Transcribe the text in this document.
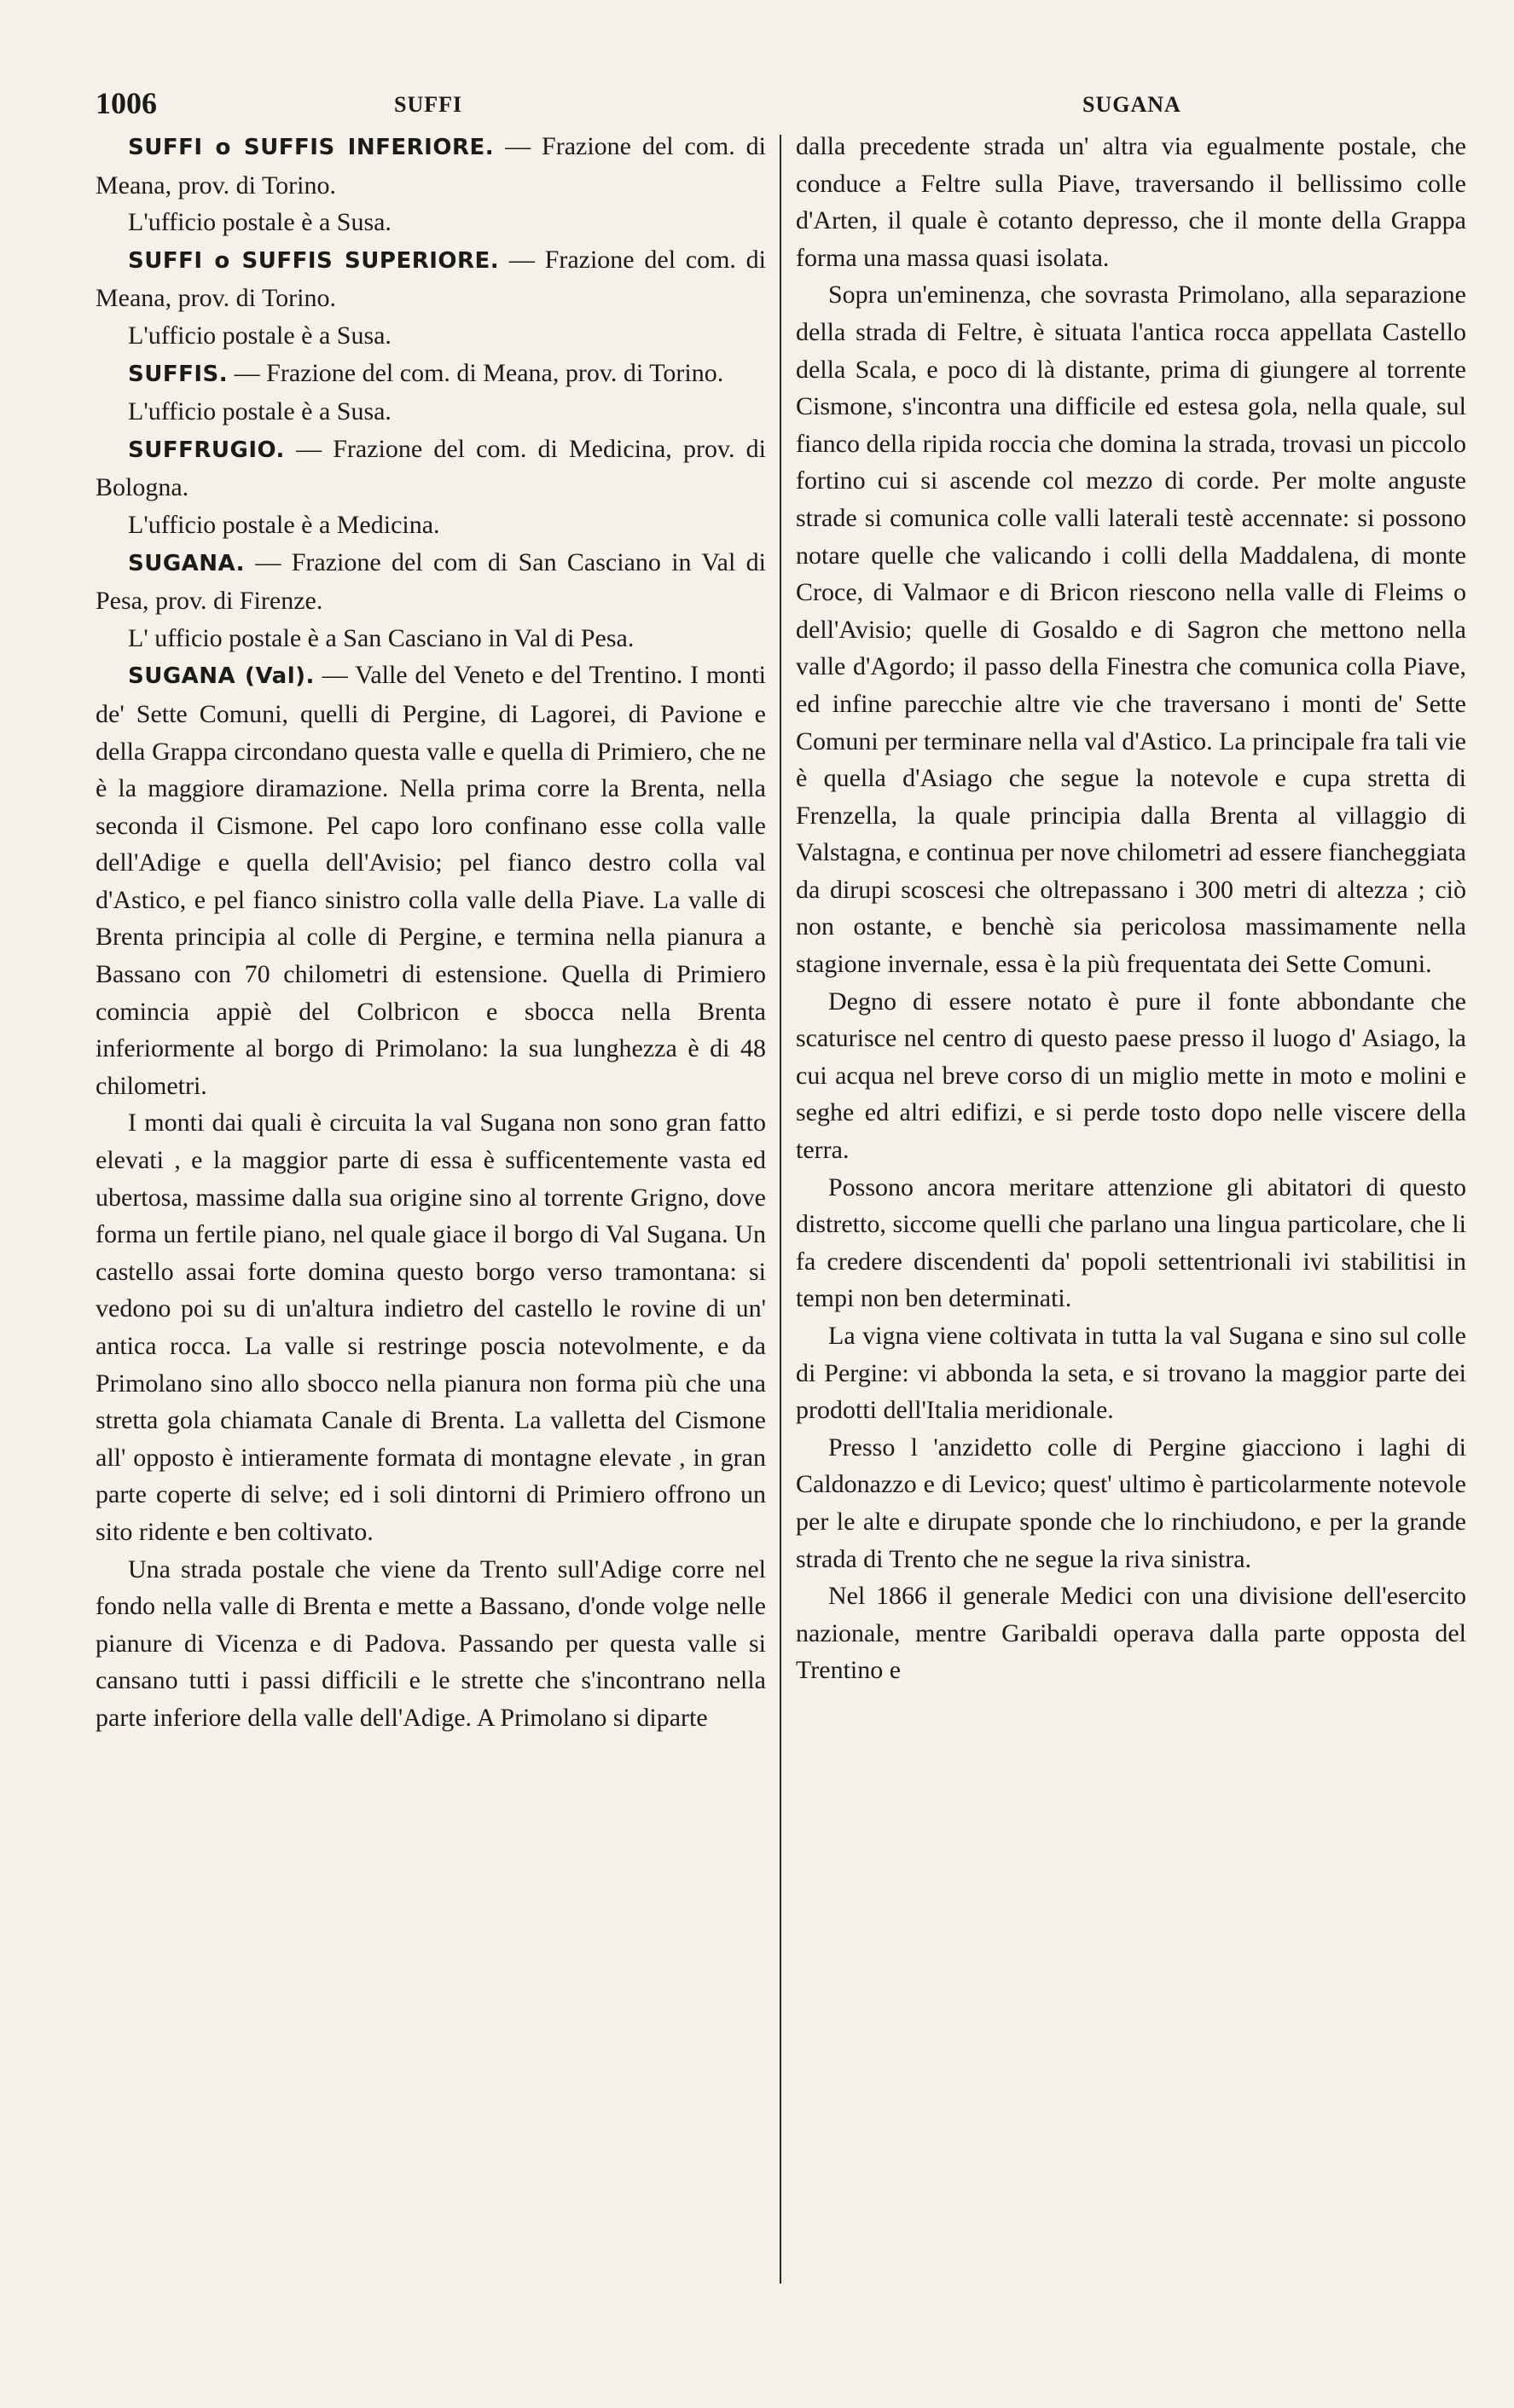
1006	SUFFI	SUGANA

SUFFI o SUFFIS INFERIORE. — Frazione del com. di Meana, prov. di Torino.

L'ufficio postale è a Susa.

SUFFI o SUFFIS SUPERIORE. — Frazione del com. di Meana, prov. di Torino.

L'ufficio postale è a Susa.

SUFFIS. — Frazione del com. di Meana, prov. di Torino.

L'ufficio postale è a Susa.

SUFFRUGIO. — Frazione del com. di Medicina, prov. di Bologna.

L'ufficio postale è a Medicina.

SUGANA. — Frazione del com di San Casciano in Val di Pesa, prov. di Firenze.

L' ufficio postale è a San Casciano in Val di Pesa.

SUGANA (Val). — Valle del Veneto e del Trentino. I monti de' Sette Comuni, quelli di Pergine, di Lagorei, di Pavione e della Grappa circondano questa valle e quella di Primiero, che ne è la maggiore diramazione. Nella prima corre la Brenta, nella seconda il Cismone. Pel capo loro confinano esse colla valle dell'Adige e quella dell'Avisio; pel fianco destro colla val d'Astico, e pel fianco sinistro colla valle della Piave. La valle di Brenta principia al colle di Pergine, e termina nella pianura a Bassano con 70 chilometri di estensione. Quella di Primiero comincia appiè del Colbricon e sbocca nella Brenta inferiormente al borgo di Primolano: la sua lunghezza è di 48 chilometri.

I monti dai quali è circuita la val Sugana non sono gran fatto elevati , e la maggior parte di essa è sufficentemente vasta ed ubertosa, massime dalla sua origine sino al torrente Grigno, dove forma un fertile piano, nel quale giace il borgo di Val Sugana. Un castello assai forte domina questo borgo verso tramontana: si vedono poi su di un'altura indietro del castello le rovine di un' antica rocca. La valle si restringe poscia notevolmente, e da Primolano sino allo sbocco nella pianura non forma più che una stretta gola chiamata Canale di Brenta. La valletta del Cismone all' opposto è intieramente formata di montagne elevate , in gran parte coperte di selve; ed i soli dintorni di Primiero offrono un sito ridente e ben coltivato.

Una strada postale che viene da Trento sull'Adige corre nel fondo nella valle di Brenta e mette a Bassano, d'onde volge nelle pianure di Vicenza e di Padova. Passando per questa valle si cansano tutti i passi difficili e le strette che s'incontrano nella parte inferiore della valle dell'Adige. A Primolano si diparte

dalla precedente strada un' altra via egualmente postale, che conduce a Feltre sulla Piave, traversando il bellissimo colle d'Arten, il quale è cotanto depresso, che il monte della Grappa forma una massa quasi isolata.

Sopra un'eminenza, che sovrasta Primolano, alla separazione della strada di Feltre, è situata l'antica rocca appellata Castello della Scala, e poco di là distante, prima di giungere al torrente Cismone, s'incontra una difficile ed estesa gola, nella quale, sul fianco della ripida roccia che domina la strada, trovasi un piccolo fortino cui si ascende col mezzo di corde. Per molte anguste strade si comunica colle valli laterali testè accennate: si possono notare quelle che valicando i colli della Maddalena, di monte Croce, di Valmaor e di Bricon riescono nella valle di Fleims o dell'Avisio; quelle di Gosaldo e di Sagron che mettono nella valle d'Agordo; il passo della Finestra che comunica colla Piave, ed infine parecchie altre vie che traversano i monti de' Sette Comuni per terminare nella val d'Astico. La principale fra tali vie è quella d'Asiago che segue la notevole e cupa stretta di Frenzella, la quale principia dalla Brenta al villaggio di Valstagna, e continua per nove chilometri ad essere fiancheggiata da dirupi scoscesi che oltrepassano i 300 metri di altezza ; ciò non ostante, e benchè sia pericolosa massimamente nella stagione invernale, essa è la più frequentata dei Sette Comuni.

Degno di essere notato è pure il fonte abbondante che scaturisce nel centro di questo paese presso il luogo d' Asiago, la cui acqua nel breve corso di un miglio mette in moto e molini e seghe ed altri edifizi, e si perde tosto dopo nelle viscere della terra.

Possono ancora meritare attenzione gli abitatori di questo distretto, siccome quelli che parlano una lingua particolare, che li fa credere discendenti da' popoli settentrionali ivi stabilitisi in tempi non ben determinati.

La vigna viene coltivata in tutta la val Sugana e sino sul colle di Pergine: vi abbonda la seta, e si trovano la maggior parte dei prodotti dell'Italia meridionale.

Presso l 'anzidetto colle di Pergine giacciono i laghi di Caldonazzo e di Levico; quest' ultimo è particolarmente notevole per le alte e dirupate sponde che lo rinchiudono, e per la grande strada di Trento che ne segue la riva sinistra.

Nel 1866 il generale Medici con una divisione dell'esercito nazionale, mentre Garibaldi operava dalla parte opposta del Trentino e
